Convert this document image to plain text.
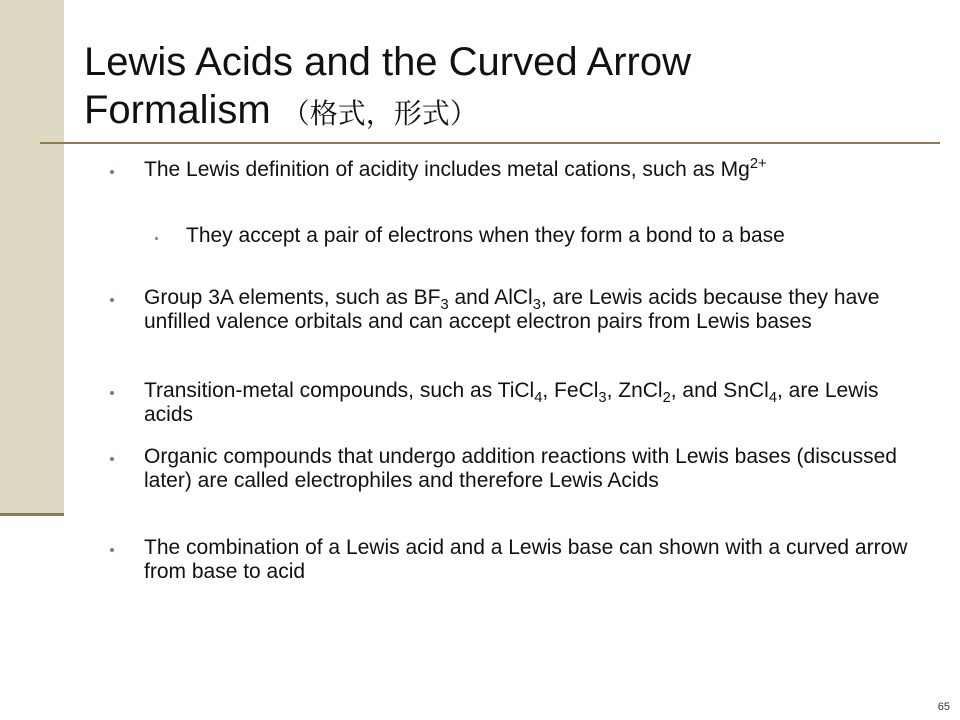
Lewis Acids and the Curved Arrow
Formalism （格式，形式）
The Lewis definition of acidity includes metal cations, such as $Mg^{2+}$
They accept a pair of electrons when they form a bond to a base
Group 3A elements, such as $BF_3$ and AlCl$_3$, are Lewis acids because they have unfilled valence orbitals and can accept electron pairs from Lewis bases
Transition-metal compounds, such as TiCl$_4$, FeCl$_3$, ZnCl$_2$, and SnCl$_4$, are Lewis acids
Organic compounds that undergo addition reactions with Lewis bases (discussed later) are called electrophiles and therefore Lewis Acids
The combination of a Lewis acid and a Lewis base can shown with a curved arrow from base to acid
65
